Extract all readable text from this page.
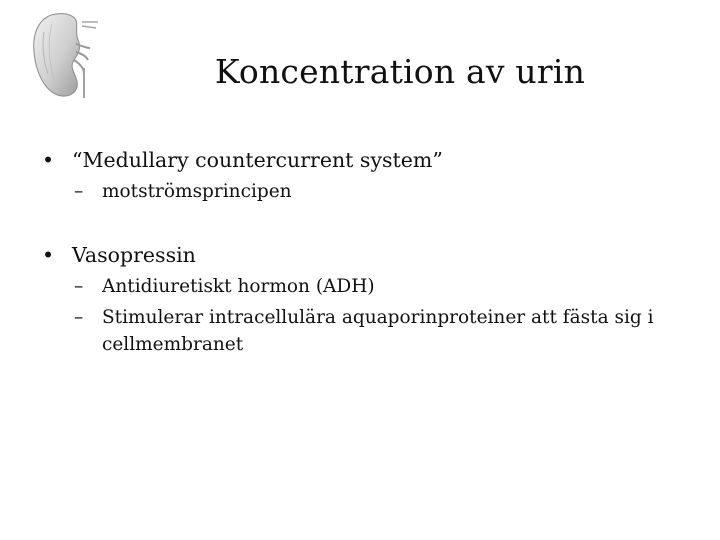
Koncentration av urin
• “Medullary countercurrent system”
– motströmsprincipen
• Vasopressin
– Antidiuretiskt hormon (ADH)
– Stimulerar intracellulära aquaporinproteiner att fästa sig i cellmembranet
